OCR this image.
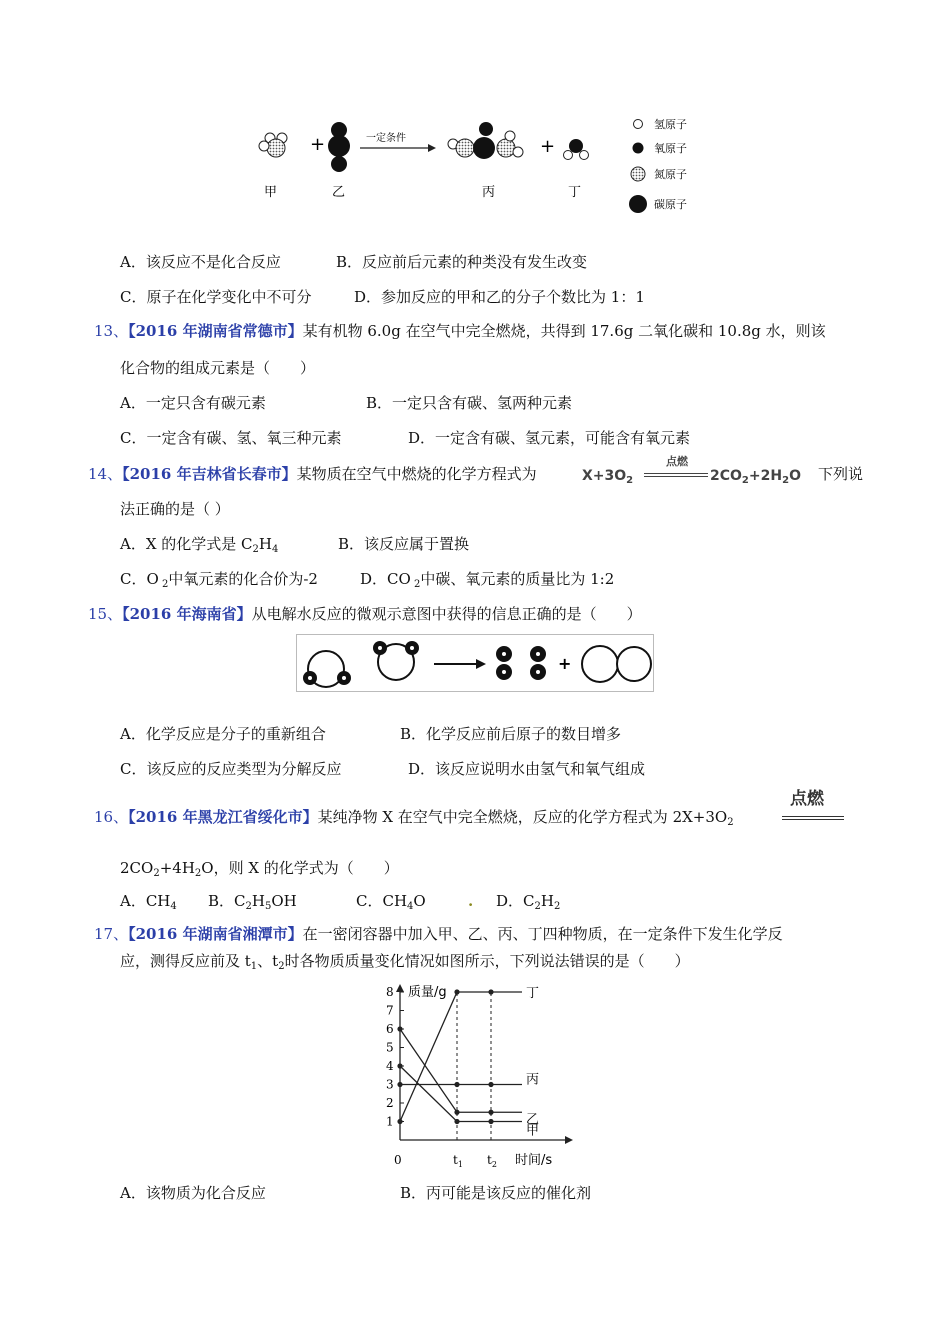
+	一定条件	+
甲	乙	丙	丁
氢原子
氧原子
氮原子
碳原子
A．该反应不是化合反应	B．反应前后元素的种类没有发生改变
C．原子在化学变化中不可分	D．参加反应的甲和乙的分子个数比为 1：1
13、【2016 年湖南省常德市】某有机物 6.0g 在空气中完全燃烧，共得到 17.6g 二氧化碳和 10.8g 水，则该
化合物的组成元素是（　　）
A．一定只含有碳元素	B．一定只含有碳、氢两种元素
C．一定含有碳、氢、氧三种元素	D．一定含有碳、氢元素，可能含有氧元素
14、【2016 年吉林省长春市】某物质在空气中燃烧的化学方程式为	$X+3O_2$
点燃
$2CO_2+2H_2O$ 下列说
法正确的是（ ）
A．X 的化学式是 $C_2H_4$	B．该反应属于置换
C．O $_2$中氧元素的化合价为-2	D．CO $_2$中碳、氧元素的质量比为 1:2
15、【2016 年海南省】从电解水反应的微观示意图中获得的信息正确的是（　　）
+
A．化学反应是分子的重新组合	B．化学反应前后原子的数目增多
C．该反应的反应类型为分解反应	D．该反应说明水由氢气和氧气组成
16、【2016 年黑龙江省绥化市】某纯净物 X 在空气中完全燃烧，反应的化学方程式为 $2X+3O_2$
点燃
$2CO_2+4H_2O$，则 X 的化学式为（　　）
A．$CH_4$ B．$C_2H_5OH$	C．$CH_4O$	. D．$C_2H_2$
17、【2016 年湖南省湘潭市】在一密闭容器中加入甲、乙、丙、丁四种物质，在一定条件下发生化学反
应，测得反应前及 $t_1$、$t_2$时各物质质量变化情况如图所示，下列说法错误的是（　　）
质量/g
时间/s
1
2
3
4
5
6
7
8
0	$t_1$ $t_2$
丁
丙
乙
甲
A．该物质为化合反应	B．丙可能是该反应的催化剂
